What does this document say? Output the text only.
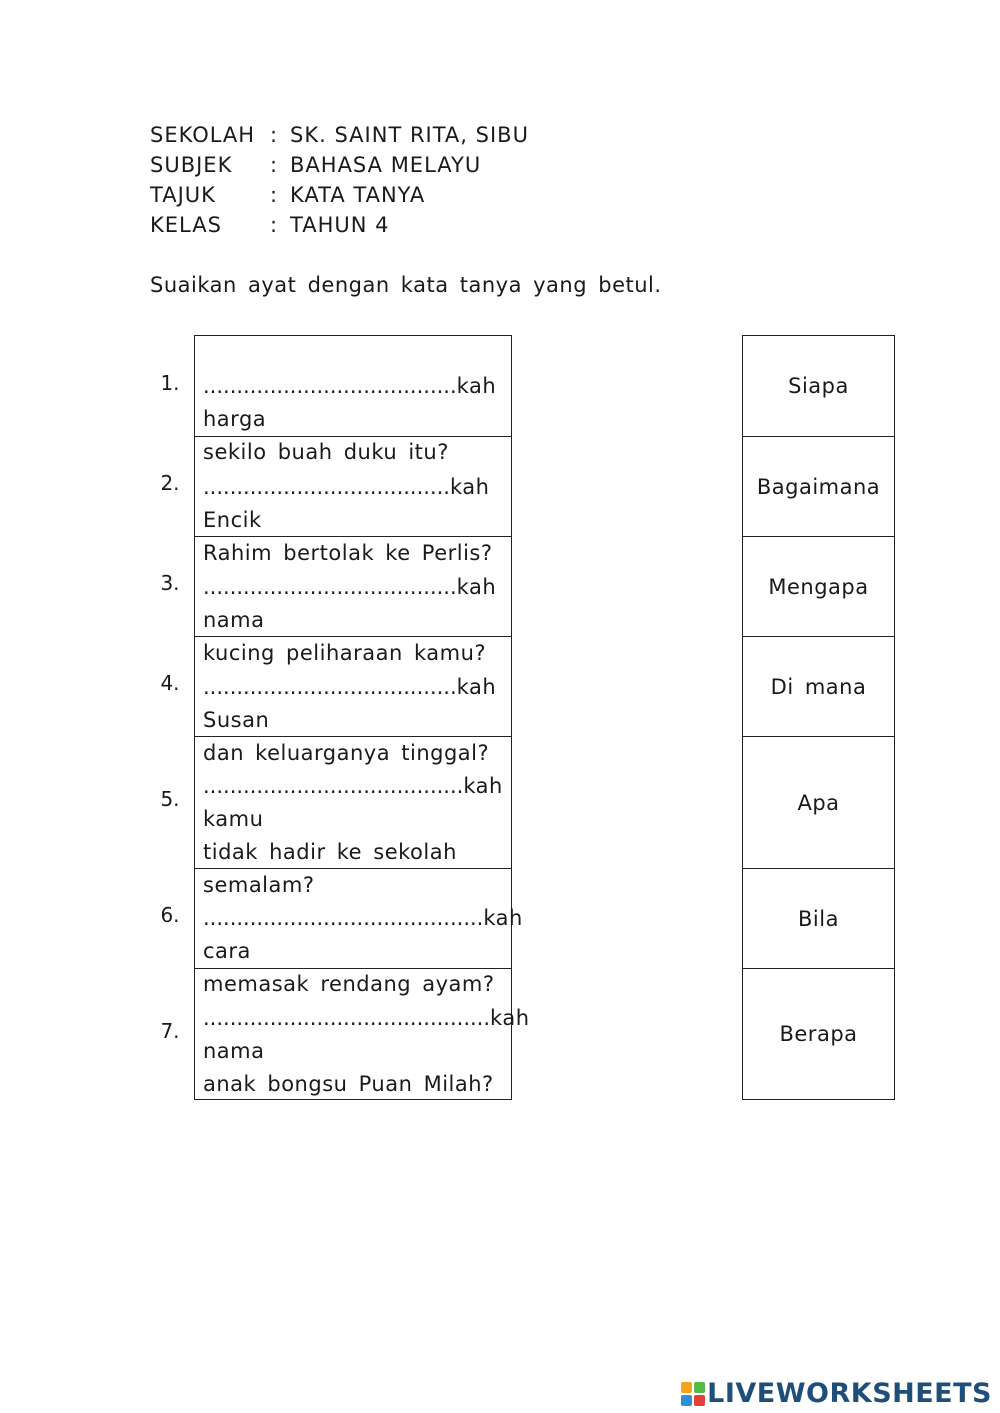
SEKOLAH : SK. SAINT RITA, SIBU
SUBJEK : BAHASA MELAYU
TAJUK	: KATA TANYA
KELAS : TAHUN 4
Suaikan ayat dengan kata tanya yang betul.
1.
2.
3.
4.
5.
6.
7.
......................................kah harga
sekilo buah duku itu?
.....................................kah Encik
Rahim bertolak ke Perlis?
......................................kah nama
kucing peliharaan kamu?
......................................kah Susan
dan keluarganya tinggal?
.......................................kah kamu
tidak hadir ke sekolah
semalam?
..........................................kah cara
memasak rendang ayam?
...........................................kah nama
anak bongsu Puan Milah?
Siapa
Bagaimana
Mengapa
Di mana
Apa
Bila
Berapa
LIVEWORKSHEETS
